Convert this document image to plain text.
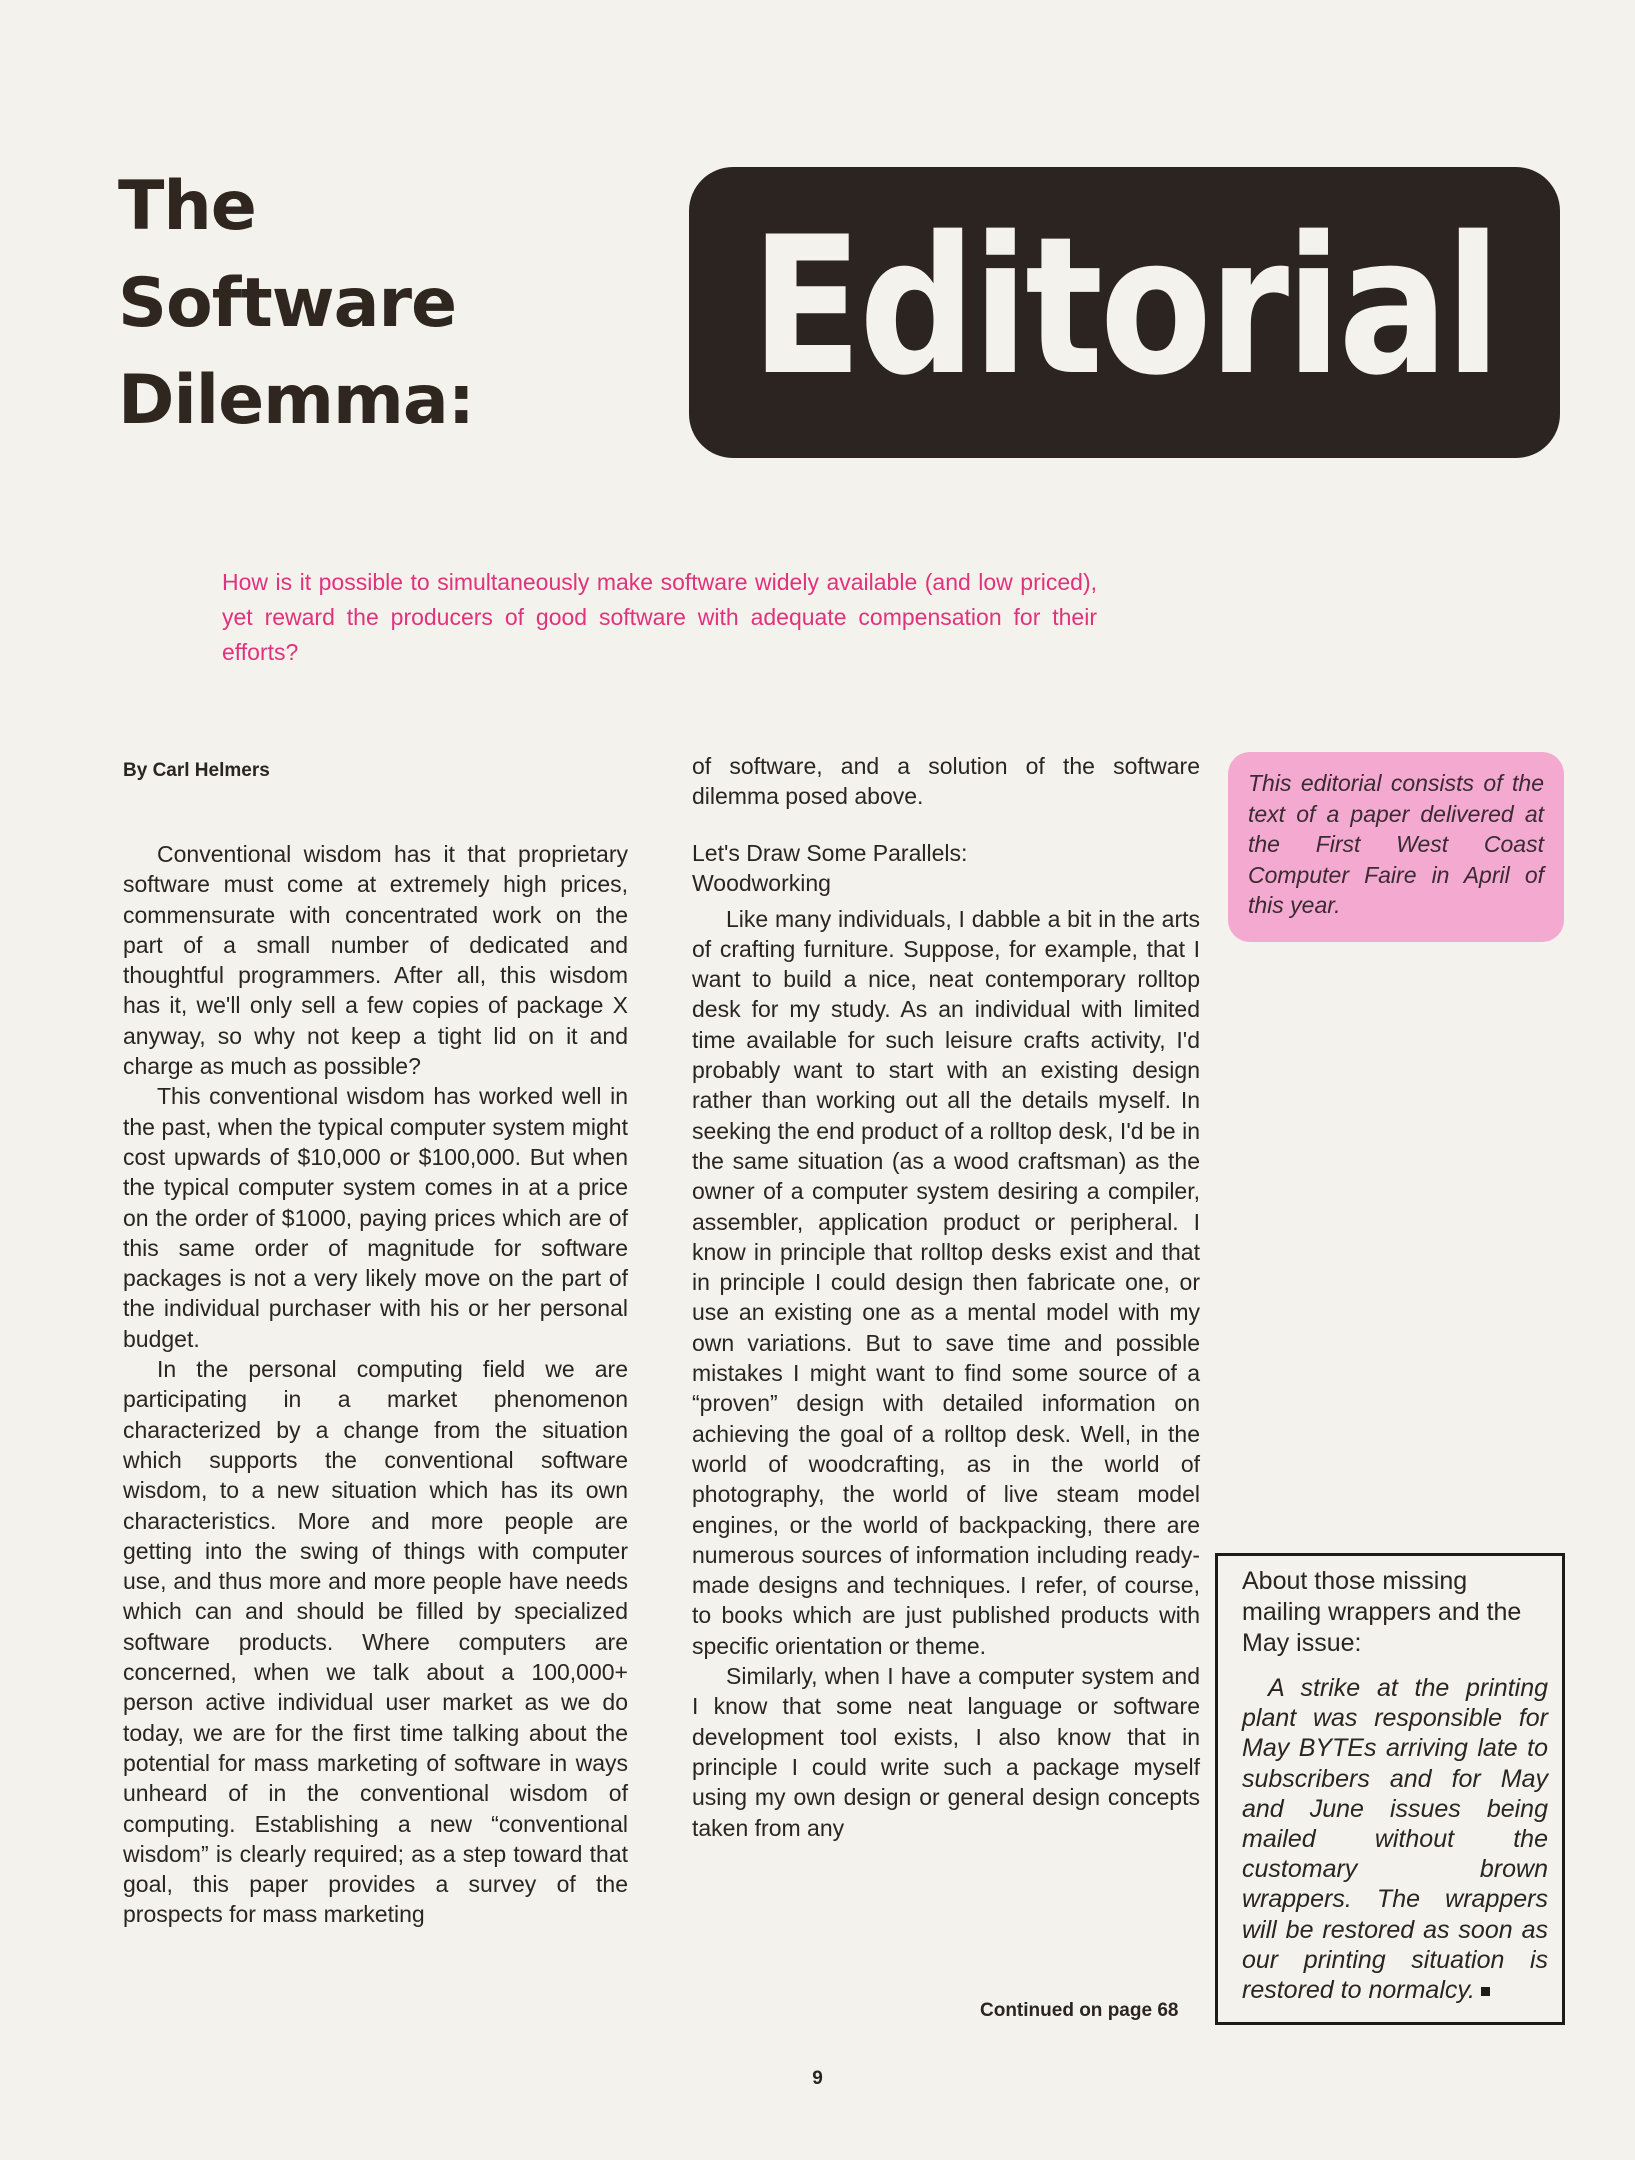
The
Software
Dilemma:	Editorial

How is it possible to simultaneously make software widely available (and low priced), yet reward the producers of good software with adequate compensation for their efforts?

By Carl Helmers

Conventional wisdom has it that proprietary software must come at extremely high prices, commensurate with concentrated work on the part of a small number of dedicated and thoughtful programmers. After all, this wisdom has it, we'll only sell a few copies of package X anyway, so why not keep a tight lid on it and charge as much as possible?

This conventional wisdom has worked well in the past, when the typical computer system might cost upwards of $10,000 or $100,000. But when the typical computer system comes in at a price on the order of $1000, paying prices which are of this same order of magnitude for software packages is not a very likely move on the part of the individual purchaser with his or her personal budget.

In the personal computing field we are participating in a market phenomenon characterized by a change from the situation which supports the conventional software wisdom, to a new situation which has its own characteristics. More and more people are getting into the swing of things with computer use, and thus more and more people have needs which can and should be filled by specialized software products. Where computers are concerned, when we talk about a 100,000+ person active individual user market as we do today, we are for the first time talking about the potential for mass marketing of software in ways unheard of in the conventional wisdom of computing. Establishing a new “conventional wisdom” is clearly required; as a step toward that goal, this paper provides a survey of the prospects for mass marketing

of software, and a solution of the software dilemma posed above.

Let's Draw Some Parallels:
Woodworking

Like many individuals, I dabble a bit in the arts of crafting furniture. Suppose, for example, that I want to build a nice, neat contemporary rolltop desk for my study. As an individual with limited time available for such leisure crafts activity, I'd probably want to start with an existing design rather than working out all the details myself. In seeking the end product of a rolltop desk, I'd be in the same situation (as a wood craftsman) as the owner of a computer system desiring a compiler, assembler, application product or peripheral. I know in principle that rolltop desks exist and that in principle I could design then fabricate one, or use an existing one as a mental model with my own variations. But to save time and possible mistakes I might want to find some source of a “proven” design with detailed information on achieving the goal of a rolltop desk. Well, in the world of woodcrafting, as in the world of photography, the world of live steam model engines, or the world of backpacking, there are numerous sources of information including ready-made designs and techniques. I refer, of course, to books which are just published products with specific orientation or theme.

Similarly, when I have a computer system and I know that some neat language or software development tool exists, I also know that in principle I could write such a package myself using my own design or general design concepts taken from any

Continued on page 68

This editorial consists of the text of a paper delivered at the First West Coast Computer Faire in April of this year.

About those missing mailing wrappers and the May issue:

A strike at the printing plant was responsible for May BYTEs arriving late to subscribers and for May and June issues being mailed without the customary brown wrappers. The wrappers will be restored as soon as our printing situation is restored to normalcy.

9
